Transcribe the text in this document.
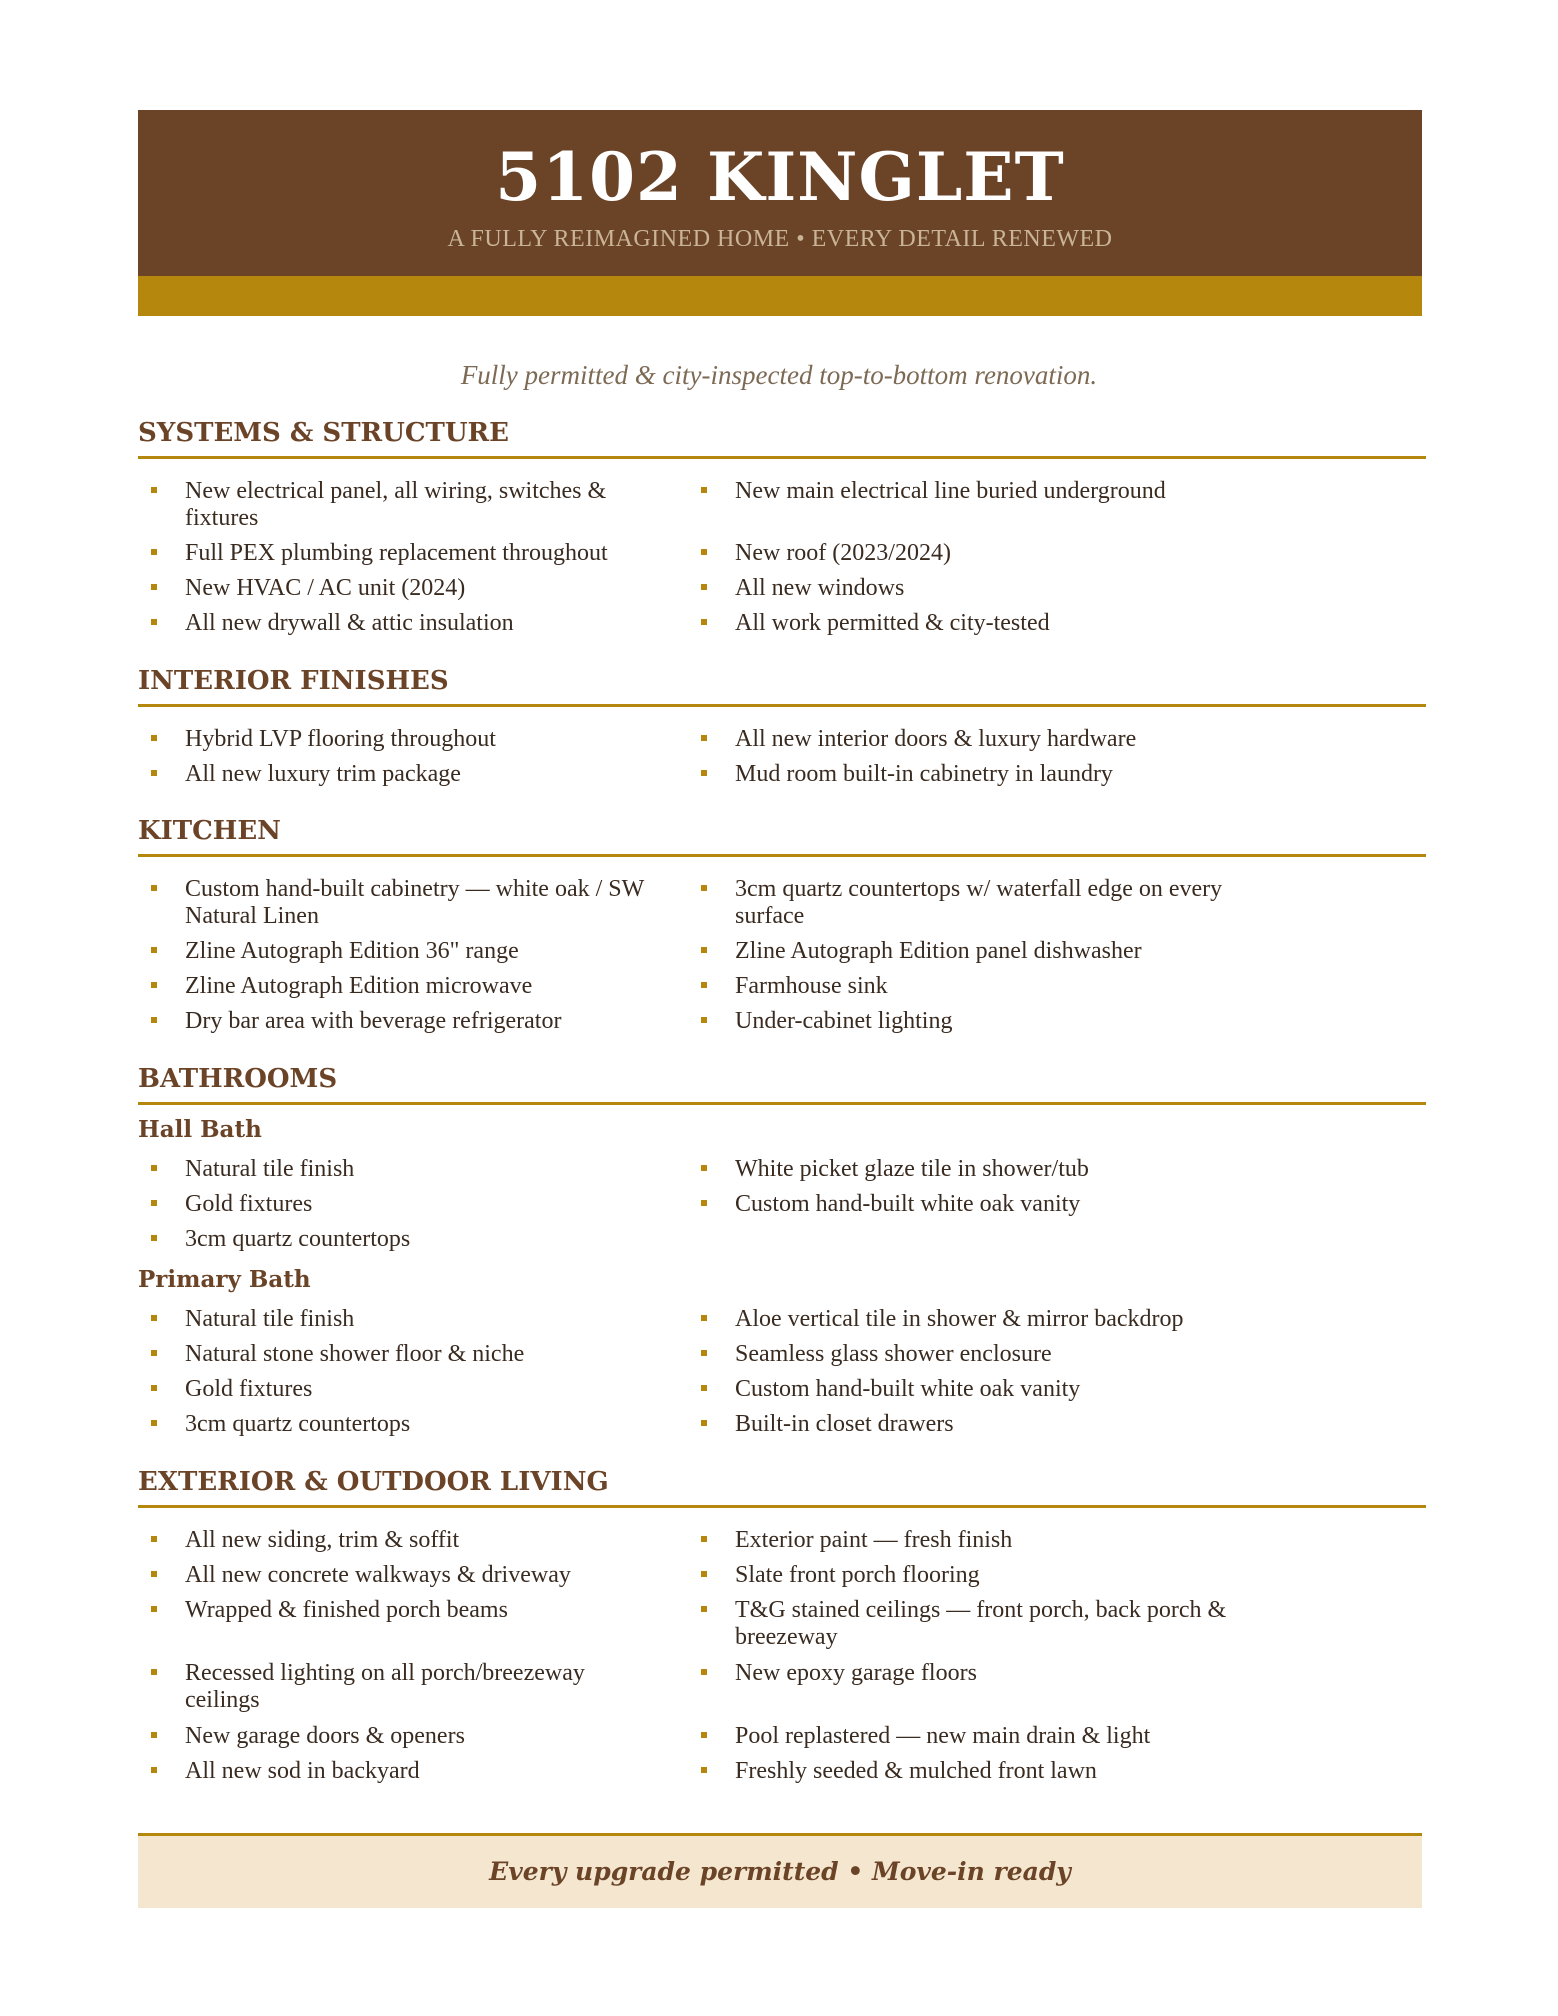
5102 KINGLET
A FULLY REIMAGINED HOME • EVERY DETAIL RENEWED
Fully permitted & city-inspected top-to-bottom renovation.
SYSTEMS & STRUCTURE
New electrical panel, all wiring, switches & fixtures
Full PEX plumbing replacement throughout
New HVAC / AC unit (2024)
All new drywall & attic insulation
New main electrical line buried underground
New roof (2023/2024)
All new windows
All work permitted & city-tested
INTERIOR FINISHES
Hybrid LVP flooring throughout
All new luxury trim package
All new interior doors & luxury hardware
Mud room built-in cabinetry in laundry
KITCHEN
Custom hand-built cabinetry — white oak / SW Natural Linen
Zline Autograph Edition 36" range
Zline Autograph Edition microwave
Dry bar area with beverage refrigerator
3cm quartz countertops w/ waterfall edge on every surface
Zline Autograph Edition panel dishwasher
Farmhouse sink
Under-cabinet lighting
BATHROOMS
Hall Bath
Natural tile finish
Gold fixtures
3cm quartz countertops
White picket glaze tile in shower/tub
Custom hand-built white oak vanity
Primary Bath
Natural tile finish
Natural stone shower floor & niche
Gold fixtures
3cm quartz countertops
Aloe vertical tile in shower & mirror backdrop
Seamless glass shower enclosure
Custom hand-built white oak vanity
Built-in closet drawers
EXTERIOR & OUTDOOR LIVING
All new siding, trim & soffit
All new concrete walkways & driveway
Wrapped & finished porch beams
Recessed lighting on all porch/breezeway ceilings
New garage doors & openers
All new sod in backyard
Exterior paint — fresh finish
Slate front porch flooring
T&G stained ceilings — front porch, back porch & breezeway
New epoxy garage floors
Pool replastered — new main drain & light
Freshly seeded & mulched front lawn
Every upgrade permitted • Move-in ready
